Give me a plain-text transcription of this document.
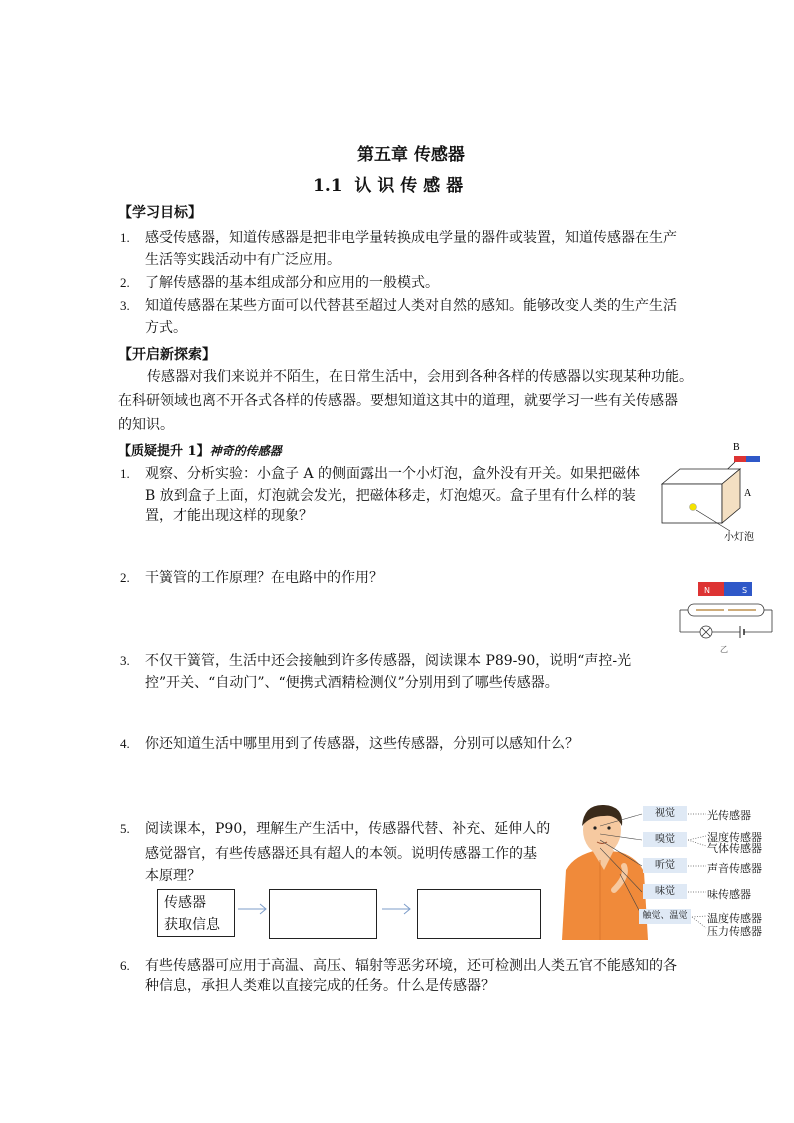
第五章 传感器
1.1  认 识 传 感 器
【学习目标】
1. 感受传感器，知道传感器是把非电学量转换成电学量的器件或装置，知道传感器在生产
生活等实践活动中有广泛应用。
2. 了解传感器的基本组成部分和应用的一般模式。
3. 知道传感器在某些方面可以代替甚至超过人类对自然的感知。能够改变人类的生产生活
方式。
【开启新探索】
传感器对我们来说并不陌生，在日常生活中，会用到各种各样的传感器以实现某种功能。
在科研领域也离不开各式各样的传感器。要想知道这其中的道理，就要学习一些有关传感器
的知识。
【质疑提升 1】神奇的传感器
1. 观察、分析实验：小盒子 A 的侧面露出一个小灯泡，盒外没有开关。如果把磁体
B 放到盒子上面，灯泡就会发光，把磁体移走，灯泡熄灭。盒子里有什么样的装
置，才能出现这样的现象？
B
A
小灯泡
2. 干簧管的工作原理？在电路中的作用？
N	S
乙
3. 不仅干簧管，生活中还会接触到许多传感器，阅读课本 P89-90，说明“声控-光
控”开关、“自动门”、“便携式酒精检测仪”分别用到了哪些传感器。
4. 你还知道生活中哪里用到了传感器，这些传感器，分别可以感知什么？
5. 阅读课本，P90，理解生产生活中，传感器代替、补充、延伸人的
感觉器官，有些传感器还具有超人的本领。说明传感器工作的基
本原理？
传感器
获取信息
视觉
嗅觉
听觉
味觉
触觉、温觉
光传感器
湿度传感器
气体传感器
声音传感器
味传感器
温度传感器
压力传感器
6. 有些传感器可应用于高温、高压、辐射等恶劣环境，还可检测出人类五官不能感知的各
种信息，承担人类难以直接完成的任务。什么是传感器？
